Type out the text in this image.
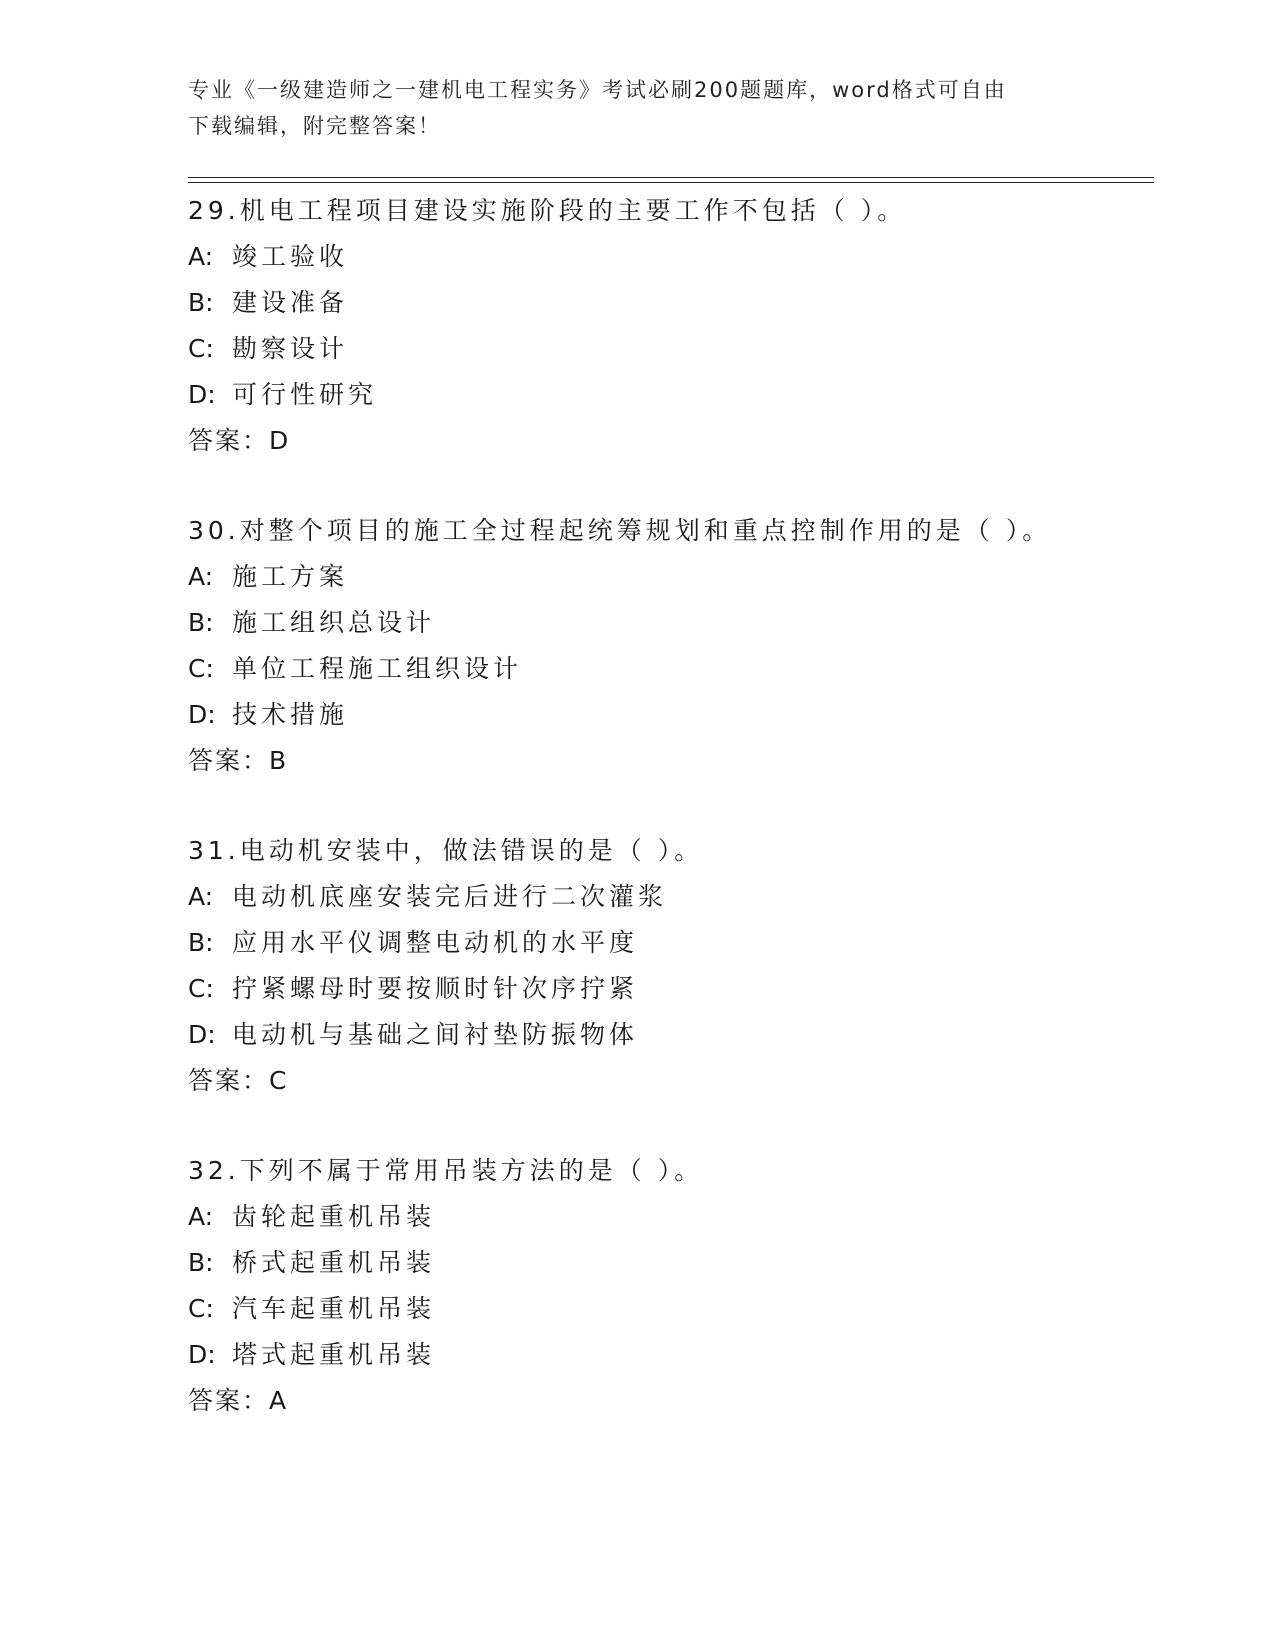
专业《一级建造师之一建机电工程实务》考试必刷200题题库，word格式可自由
下载编辑，附完整答案！
29.机电工程项目建设实施阶段的主要工作不包括（ ）。
A: 竣工验收
B: 建设准备
C: 勘察设计
D: 可行性研究
答案：D
30.对整个项目的施工全过程起统筹规划和重点控制作用的是（ ）。
A: 施工方案
B: 施工组织总设计
C: 单位工程施工组织设计
D: 技术措施
答案：B
31.电动机安装中，做法错误的是（ ）。
A: 电动机底座安装完后进行二次灌浆
B: 应用水平仪调整电动机的水平度
C: 拧紧螺母时要按顺时针次序拧紧
D: 电动机与基础之间衬垫防振物体
答案：C
32.下列不属于常用吊装方法的是（ ）。
A: 齿轮起重机吊装
B: 桥式起重机吊装
C: 汽车起重机吊装
D: 塔式起重机吊装
答案：A
